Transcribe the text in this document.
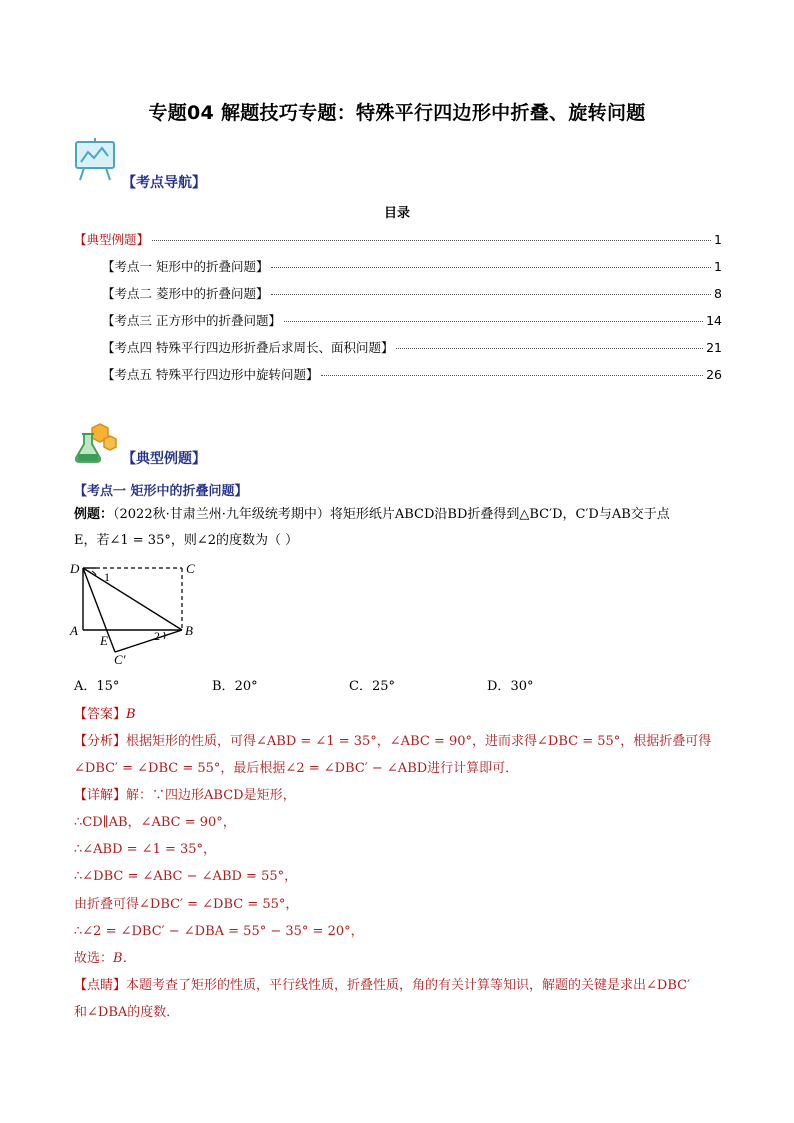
专题04 解题技巧专题：特殊平行四边形中折叠、旋转问题
【考点导航】
目录
【典型例题】	1
【考点一 矩形中的折叠问题】	1
【考点二 菱形中的折叠问题】	8
【考点三 正方形中的折叠问题】	14
【考点四 特殊平行四边形折叠后求周长、面积问题】	21
【考点五 特殊平行四边形中旋转问题】	26
【典型例题】
【考点一 矩形中的折叠问题】
例题：（2022秋·甘肃兰州·九年级统考期中）将矩形纸片ABCD沿BD折叠得到△BC′D，C′D与AB交于点
E，若∠1 = 35°，则∠2的度数为（ ）
D	C
A	B
E
C′
1
2
A．15°	B．20°	C．25°	D．30°
【答案】B
【分析】根据矩形的性质，可得∠ABD = ∠1 = 35°，∠ABC = 90°，进而求得∠DBC = 55°，根据折叠可得
∠DBC′ = ∠DBC = 55°，最后根据∠2 = ∠DBC′ − ∠ABD进行计算即可．
【详解】解：∵四边形ABCD是矩形，
∴CD∥AB，∠ABC = 90°，
∴∠ABD = ∠1 = 35°，
∴∠DBC = ∠ABC − ∠ABD = 55°，
由折叠可得∠DBC′ = ∠DBC = 55°，
∴∠2 = ∠DBC′ − ∠DBA = 55° − 35° = 20°，
故选：B．
【点睛】本题考查了矩形的性质，平行线性质，折叠性质，角的有关计算等知识，解题的关键是求出∠DBC′
和∠DBA的度数．
